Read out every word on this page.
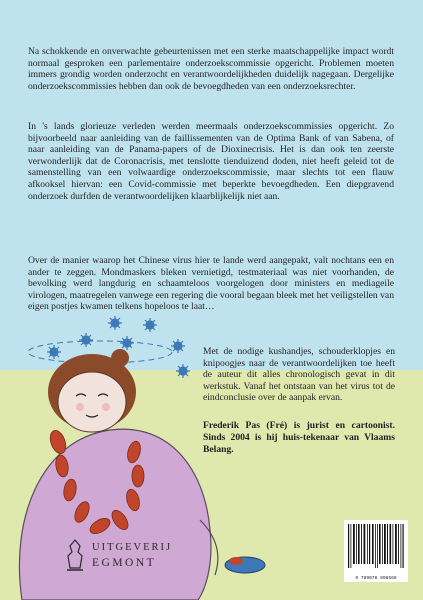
Na schokkende en onverwachte gebeurtenissen met een sterke maatschappelijke impact wordt normaal gesproken een parlementaire onderzoekscommissie opgericht. Problemen moeten immers grondig worden onderzocht en verantwoordelijkheden duidelijk nagegaan. Dergelijke onderzoekscommissies hebben dan ook de bevoegdheden van een onderzoeksrechter.

In 's lands glorieuze verleden werden meermaals onderzoekscommissies opgericht. Zo bijvoorbeeld naar aanleiding van de faillissementen van de Optima Bank of van Sabena, of naar aanleiding van de Panama-papers of de Dioxinecrisis. Het is dan ook ten zeerste verwonderlijk dat de Coronacrisis, met tenslotte tienduizend doden, niet heeft geleid tot de samenstelling van een volwaardige onderzoekscommissie, maar slechts tot een flauw afkooksel hiervan: een Covid-commissie met beperkte bevoegdheden. Een diepgravend onderzoek durfden de verantwoordelijken klaarblijkelijk niet aan.

Over de manier waarop het Chinese virus hier te lande werd aangepakt, valt nochtans een en ander te zeggen. Mondmaskers bleken vernietigd, testmateriaal was niet voorhanden, de bevolking werd langdurig en schaamteloos voorgelogen door ministers en mediageile virologen, maatregelen vanwege een regering die vooral begaan bleek met het veiligstellen van eigen postjes kwamen telkens hopeloos te laat…

Met de nodige kushandjes, schouderklopjes en knipoogjes naar de verantwoordelijken toe heeft de auteur dit alles chronologisch gevat in dit werkstuk. Vanaf het ontstaan van het virus tot de eindconclusie over de aanpak ervan.

Frederik Pas (Fré) is jurist en cartoonist. Sinds 2004 is hij huis-tekenaar van Vlaams Belang.

UITGEVERIJ
EGMONT
9 789078 898566
